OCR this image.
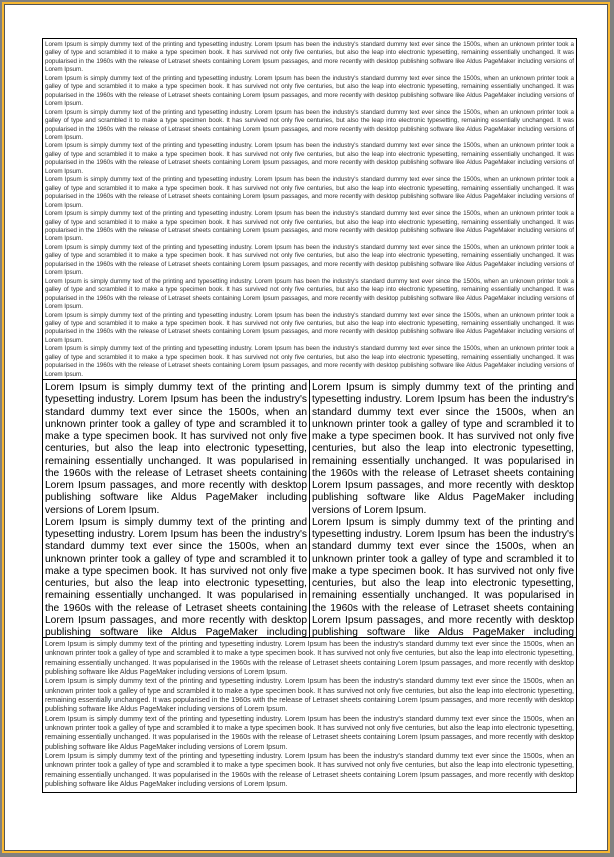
Lorem Ipsum is simply dummy text of the printing and typesetting industry. Lorem Ipsum has been the industry's standard dummy text ever since the 1500s, when an unknown printer took a galley of type and scrambled it to make a type specimen book. It has survived not only five centuries, but also the leap into electronic typesetting, remaining essentially unchanged. It was popularised in the 1960s with the release of Letraset sheets containing Lorem Ipsum passages, and more recently with desktop publishing software like Aldus PageMaker including versions of Lorem Ipsum.

Lorem Ipsum is simply dummy text of the printing and typesetting industry. Lorem Ipsum has been the industry's standard dummy text ever since the 1500s, when an unknown printer took a galley of type and scrambled it to make a type specimen book. It has survived not only five centuries, but also the leap into electronic typesetting, remaining essentially unchanged. It was popularised in the 1960s with the release of Letraset sheets containing Lorem Ipsum passages, and more recently with desktop publishing software like Aldus PageMaker including versions of Lorem Ipsum.

Lorem Ipsum is simply dummy text of the printing and typesetting industry. Lorem Ipsum has been the industry's standard dummy text ever since the 1500s, when an unknown printer took a galley of type and scrambled it to make a type specimen book. It has survived not only five centuries, but also the leap into electronic typesetting, remaining essentially unchanged. It was popularised in the 1960s with the release of Letraset sheets containing Lorem Ipsum passages, and more recently with desktop publishing software like Aldus PageMaker including versions of Lorem Ipsum.

Lorem Ipsum is simply dummy text of the printing and typesetting industry. Lorem Ipsum has been the industry's standard dummy text ever since the 1500s, when an unknown printer took a galley of type and scrambled it to make a type specimen book. It has survived not only five centuries, but also the leap into electronic typesetting, remaining essentially unchanged. It was popularised in the 1960s with the release of Letraset sheets containing Lorem Ipsum passages, and more recently with desktop publishing software like Aldus PageMaker including versions of Lorem Ipsum.

Lorem Ipsum is simply dummy text of the printing and typesetting industry. Lorem Ipsum has been the industry's standard dummy text ever since the 1500s, when an unknown printer took a galley of type and scrambled it to make a type specimen book. It has survived not only five centuries, but also the leap into electronic typesetting, remaining essentially unchanged. It was popularised in the 1960s with the release of Letraset sheets containing Lorem Ipsum passages, and more recently with desktop publishing software like Aldus PageMaker including versions of Lorem Ipsum.

Lorem Ipsum is simply dummy text of the printing and typesetting industry. Lorem Ipsum has been the industry's standard dummy text ever since the 1500s, when an unknown printer took a galley of type and scrambled it to make a type specimen book. It has survived not only five centuries, but also the leap into electronic typesetting, remaining essentially unchanged. It was popularised in the 1960s with the release of Letraset sheets containing Lorem Ipsum passages, and more recently with desktop publishing software like Aldus PageMaker including versions of Lorem Ipsum.

Lorem Ipsum is simply dummy text of the printing and typesetting industry. Lorem Ipsum has been the industry's standard dummy text ever since the 1500s, when an unknown printer took a galley of type and scrambled it to make a type specimen book. It has survived not only five centuries, but also the leap into electronic typesetting, remaining essentially unchanged. It was popularised in the 1960s with the release of Letraset sheets containing Lorem Ipsum passages, and more recently with desktop publishing software like Aldus PageMaker including versions of Lorem Ipsum.

Lorem Ipsum is simply dummy text of the printing and typesetting industry. Lorem Ipsum has been the industry's standard dummy text ever since the 1500s, when an unknown printer took a galley of type and scrambled it to make a type specimen book. It has survived not only five centuries, but also the leap into electronic typesetting, remaining essentially unchanged. It was popularised in the 1960s with the release of Letraset sheets containing Lorem Ipsum passages, and more recently with desktop publishing software like Aldus PageMaker including versions of Lorem Ipsum.

Lorem Ipsum is simply dummy text of the printing and typesetting industry. Lorem Ipsum has been the industry's standard dummy text ever since the 1500s, when an unknown printer took a galley of type and scrambled it to make a type specimen book. It has survived not only five centuries, but also the leap into electronic typesetting, remaining essentially unchanged. It was popularised in the 1960s with the release of Letraset sheets containing Lorem Ipsum passages, and more recently with desktop publishing software like Aldus PageMaker including versions of Lorem Ipsum.

Lorem Ipsum is simply dummy text of the printing and typesetting industry. Lorem Ipsum has been the industry's standard dummy text ever since the 1500s, when an unknown printer took a galley of type and scrambled it to make a type specimen book. It has survived not only five centuries, but also the leap into electronic typesetting, remaining essentially unchanged. It was popularised in the 1960s with the release of Letraset sheets containing Lorem Ipsum passages, and more recently with desktop publishing software like Aldus PageMaker including versions of Lorem Ipsum.

Lorem Ipsum is simply dummy text of the printing and typesetting industry. Lorem Ipsum has been the industry's standard dummy text ever since the 1500s, when an unknown printer took a galley of type and scrambled it to make a type specimen book. It has survived not only five centuries, but also the leap into electronic typesetting, remaining essentially unchanged. It was popularised in the 1960s with the release of Letraset sheets containing Lorem Ipsum passages, and more recently with desktop publishing software like Aldus PageMaker including versions of Lorem Ipsum.

Lorem Ipsum is simply dummy text of the printing and typesetting industry. Lorem Ipsum has been the industry's standard dummy text ever since the 1500s, when an unknown printer took a galley of type and scrambled it to make a type specimen book. It has survived not only five centuries, but also the leap into electronic typesetting, remaining essentially unchanged. It was popularised in the 1960s with the release of Letraset sheets containing Lorem Ipsum passages, and more recently with desktop publishing software like Aldus PageMaker including

Lorem Ipsum is simply dummy text of the printing and typesetting industry. Lorem Ipsum has been the industry's standard dummy text ever since the 1500s, when an unknown printer took a galley of type and scrambled it to make a type specimen book. It has survived not only five centuries, but also the leap into electronic typesetting, remaining essentially unchanged. It was popularised in the 1960s with the release of Letraset sheets containing Lorem Ipsum passages, and more recently with desktop publishing software like Aldus PageMaker including versions of Lorem Ipsum.

Lorem Ipsum is simply dummy text of the printing and typesetting industry. Lorem Ipsum has been the industry's standard dummy text ever since the 1500s, when an unknown printer took a galley of type and scrambled it to make a type specimen book. It has survived not only five centuries, but also the leap into electronic typesetting, remaining essentially unchanged. It was popularised in the 1960s with the release of Letraset sheets containing Lorem Ipsum passages, and more recently with desktop publishing software like Aldus PageMaker including

Lorem Ipsum is simply dummy text of the printing and typesetting industry. Lorem Ipsum has been the industry's standard dummy text ever since the 1500s, when an unknown printer took a galley of type and scrambled it to make a type specimen book. It has survived not only five centuries, but also the leap into electronic typesetting, remaining essentially unchanged. It was popularised in the 1960s with the release of Letraset sheets containing Lorem Ipsum passages, and more recently with desktop publishing software like Aldus PageMaker including versions of Lorem Ipsum.

Lorem Ipsum is simply dummy text of the printing and typesetting industry. Lorem Ipsum has been the industry's standard dummy text ever since the 1500s, when an unknown printer took a galley of type and scrambled it to make a type specimen book. It has survived not only five centuries, but also the leap into electronic typesetting, remaining essentially unchanged. It was popularised in the 1960s with the release of Letraset sheets containing Lorem Ipsum passages, and more recently with desktop publishing software like Aldus PageMaker including versions of Lorem Ipsum.

Lorem Ipsum is simply dummy text of the printing and typesetting industry. Lorem Ipsum has been the industry's standard dummy text ever since the 1500s, when an unknown printer took a galley of type and scrambled it to make a type specimen book. It has survived not only five centuries, but also the leap into electronic typesetting, remaining essentially unchanged. It was popularised in the 1960s with the release of Letraset sheets containing Lorem Ipsum passages, and more recently with desktop publishing software like Aldus PageMaker including versions of Lorem Ipsum.

Lorem Ipsum is simply dummy text of the printing and typesetting industry. Lorem Ipsum has been the industry's standard dummy text ever since the 1500s, when an unknown printer took a galley of type and scrambled it to make a type specimen book. It has survived not only five centuries, but also the leap into electronic typesetting, remaining essentially unchanged. It was popularised in the 1960s with the release of Letraset sheets containing Lorem Ipsum passages, and more recently with desktop publishing software like Aldus PageMaker including versions of Lorem Ipsum.
